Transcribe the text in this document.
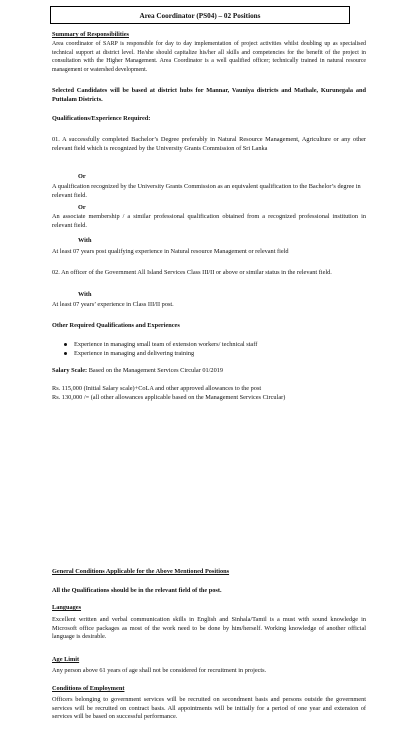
Area Coordinator (PS04) – 02 Positions
Summary of Responsibilities
Area coordinator of SARP is responsible for day to day implementation of project activities whilst doubling up as specialised technical support at district level. He/she should capitalize his/her all skills and competencies for the benefit of the project in consultation with the Higher Management. Area Coordinator is a well qualified officer; technically trained in natural resource management or watershed development.
Selected Candidates will be based at district hubs for Mannar, Vauniya districts and Mathale, Kurunegala and Puttalam Districts.
Qualifications/Experience Required:
01. A successfully completed Bachelor’s Degree preferably in Natural Resource Management, Agriculture or any other relevant field which is recognized by the University Grants Commission of Sri Lanka
Or
A qualification recognized by the University Grants Commission as an equivalent qualification to the Bachelor’s degree in relevant field.
Or
An associate membership / a similar professional qualification obtained from a recognized professional institution in relevant field.
With
At least 07 years post qualifying experience in Natural resource Management or relevant field
02. An officer of the Government All Island Services Class III/II or above or similar status in the relevant field.
With
At least 07 years’ experience in Class III/II post.
Other Required Qualifications and Experiences
Experience in managing small team of extension workers/ technical staff
Experience in managing and delivering training
Salary Scale: Based on the Management Services Circular 01/2019
Rs. 115,000 (Initial Salary scale)+CoLA and other approved allowances to the post
Rs. 130,000 /= (all other allowances applicable based on the Management Services Circular)
General Conditions Applicable for the Above Mentioned Positions
All the Qualifications should be in the relevant field of the post.
Languages
Excellent written and verbal communication skills in English and Sinhala/Tamil is a must with sound knowledge in Microsoft office packages as most of the work need to be done by him/herself. Working knowledge of another official language is desirable.
Age Limit
Any person above 61 years of age shall not be considered for recruitment in projects.
Conditions of Employment
Officers belonging to government services will be recruited on secondment basis and persons outside the government services will be recruited on contract basis. All appointments will be initially for a period of one year and extension of services will be based on successful performance.
